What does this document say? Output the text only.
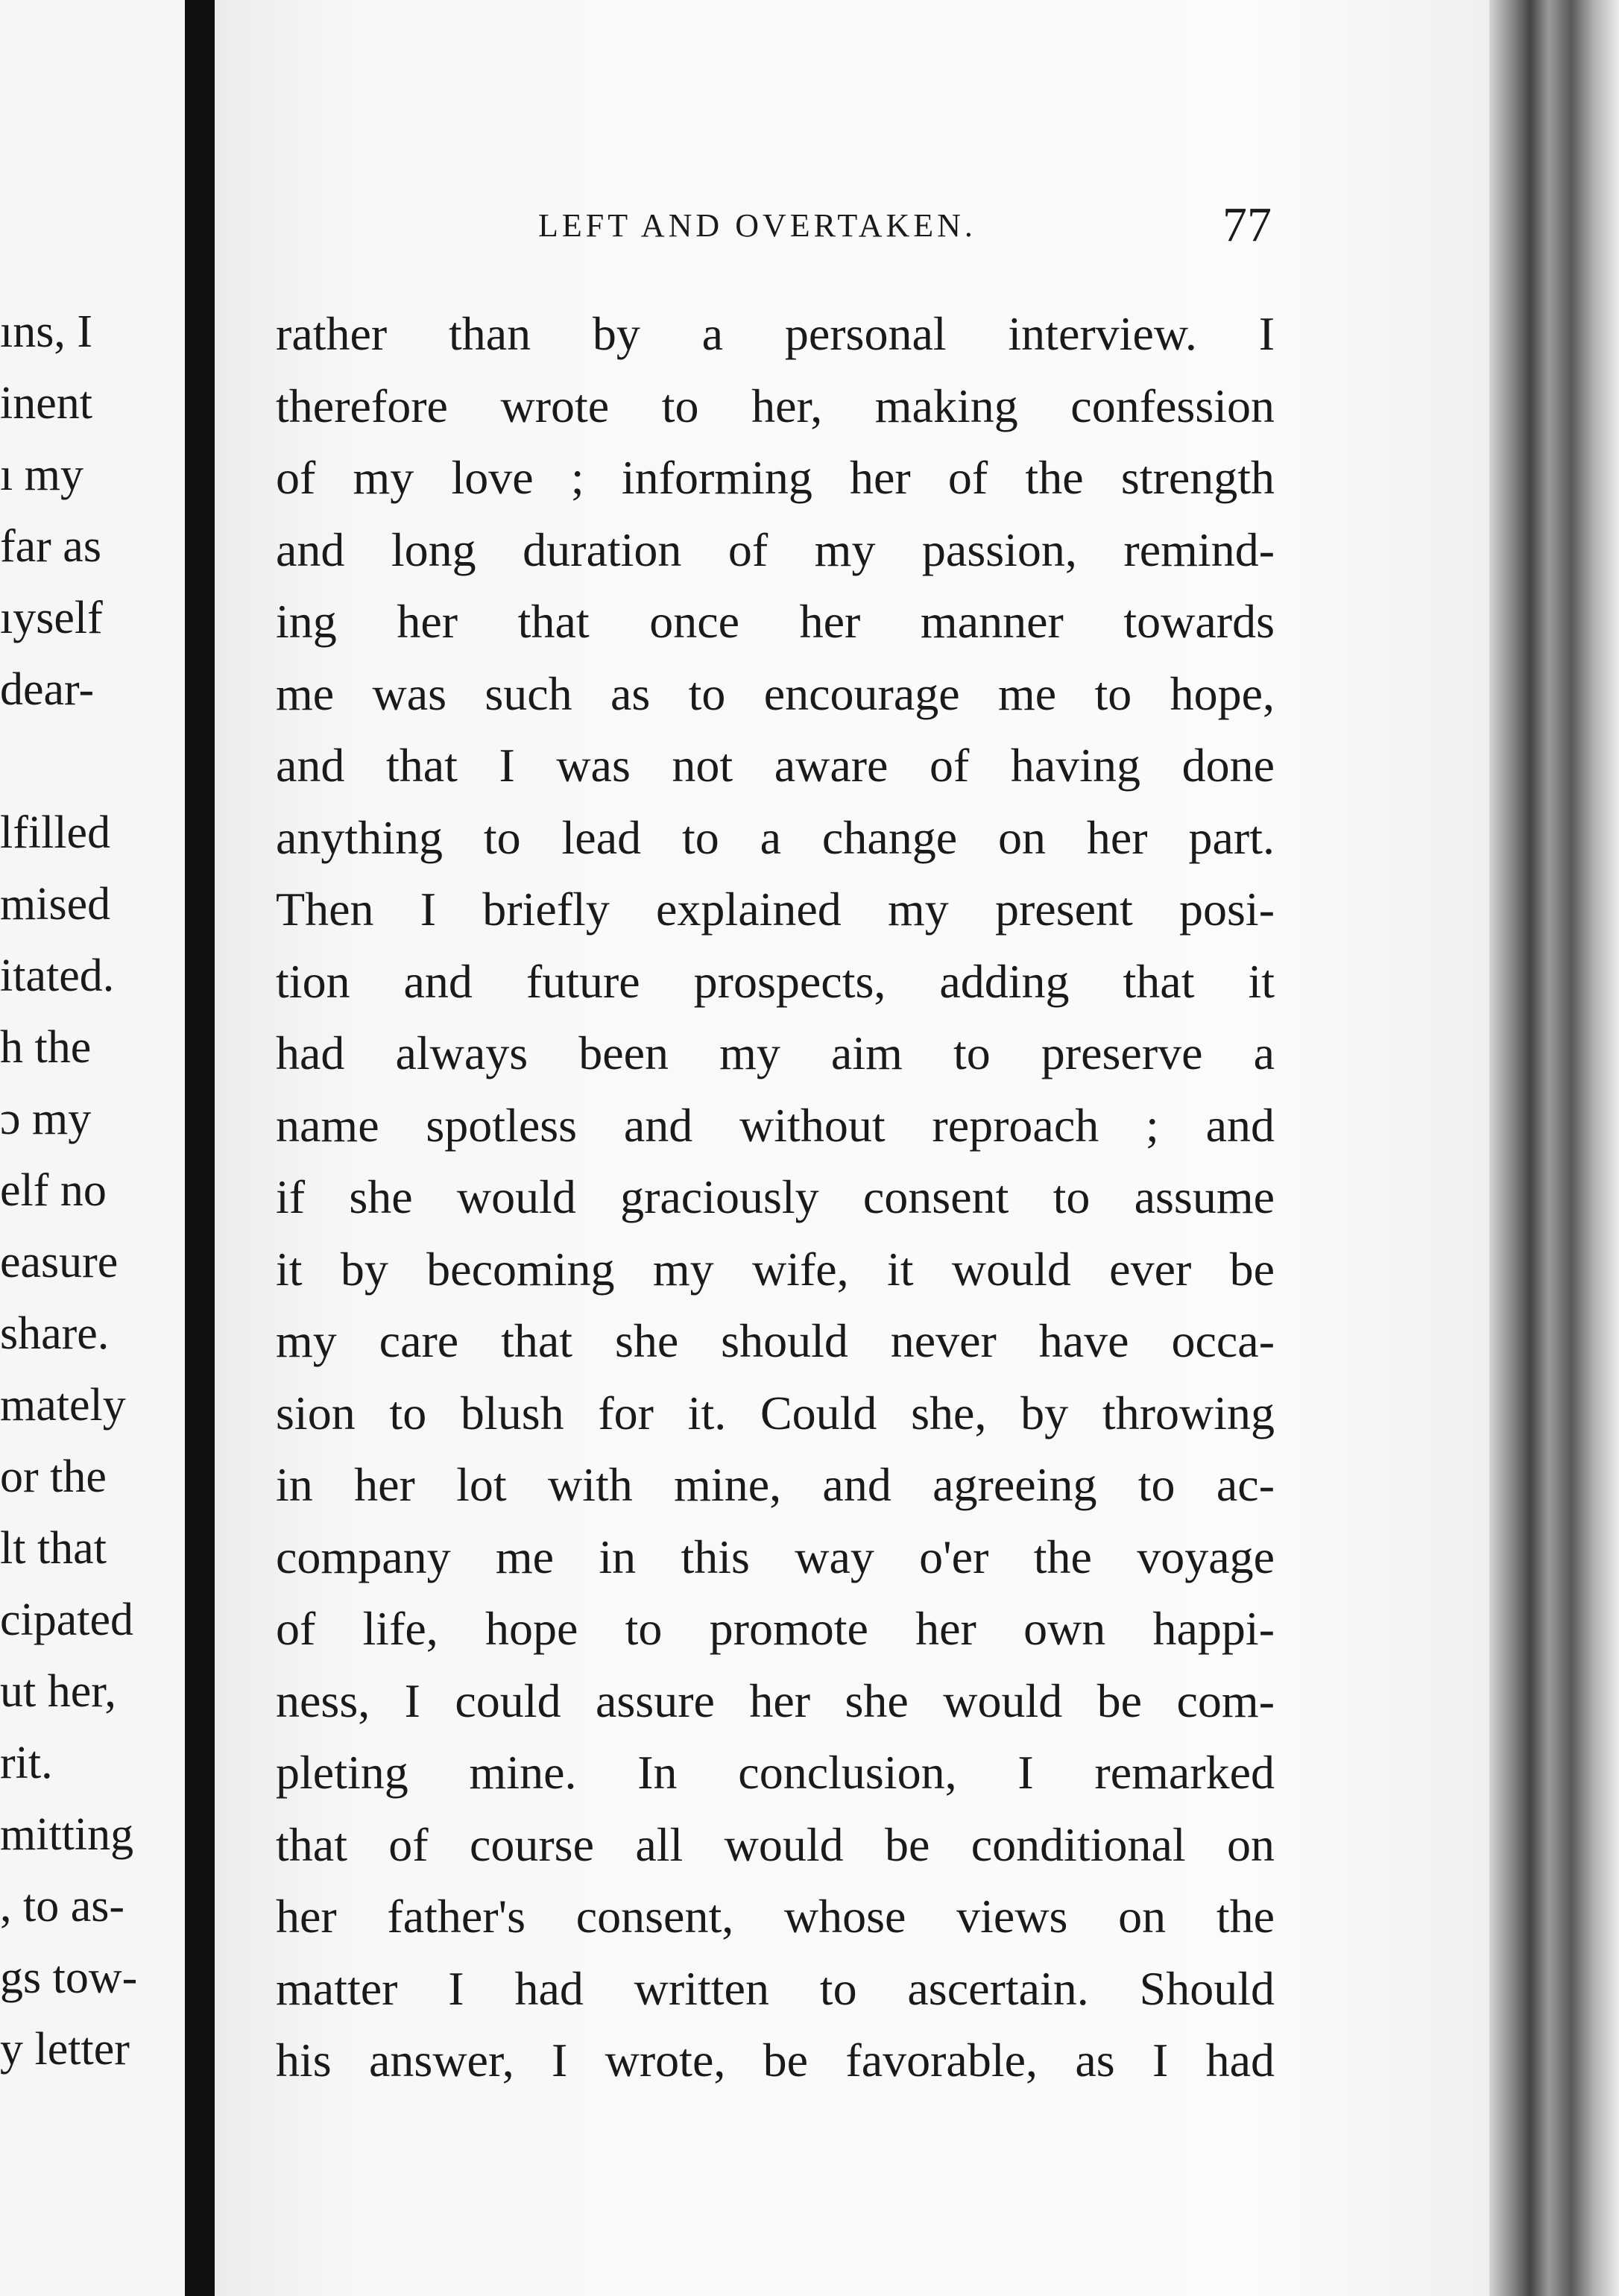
ıns, I
inent
ı my
far as
ıyself
dear-
lfilled
mised
itated.
h the
ɔ my
elf no
easure
share.
mately
or the
lt that
cipated
ut her,
rit.
mitting
, to as-
gs tow-
y letter
LEFT AND OVERTAKEN.	77
rather than by a personal interview. I
therefore wrote to her, making confession
of my love ; informing her of the strength
and long duration of my passion, remind-
ing her that once her manner towards
me was such as to encourage me to hope,
and that I was not aware of having done
anything to lead to a change on her part.
Then I briefly explained my present posi-
tion and future prospects, adding that it
had always been my aim to preserve a
name spotless and without reproach ; and
if she would graciously consent to assume
it by becoming my wife, it would ever be
my care that she should never have occa-
sion to blush for it. Could she, by throwing
in her lot with mine, and agreeing to ac-
company me in this way o'er the voyage
of life, hope to promote her own happi-
ness, I could assure her she would be com-
pleting mine. In conclusion, I remarked
that of course all would be conditional on
her father's consent, whose views on the
matter I had written to ascertain. Should
his answer, I wrote, be favorable, as I had
